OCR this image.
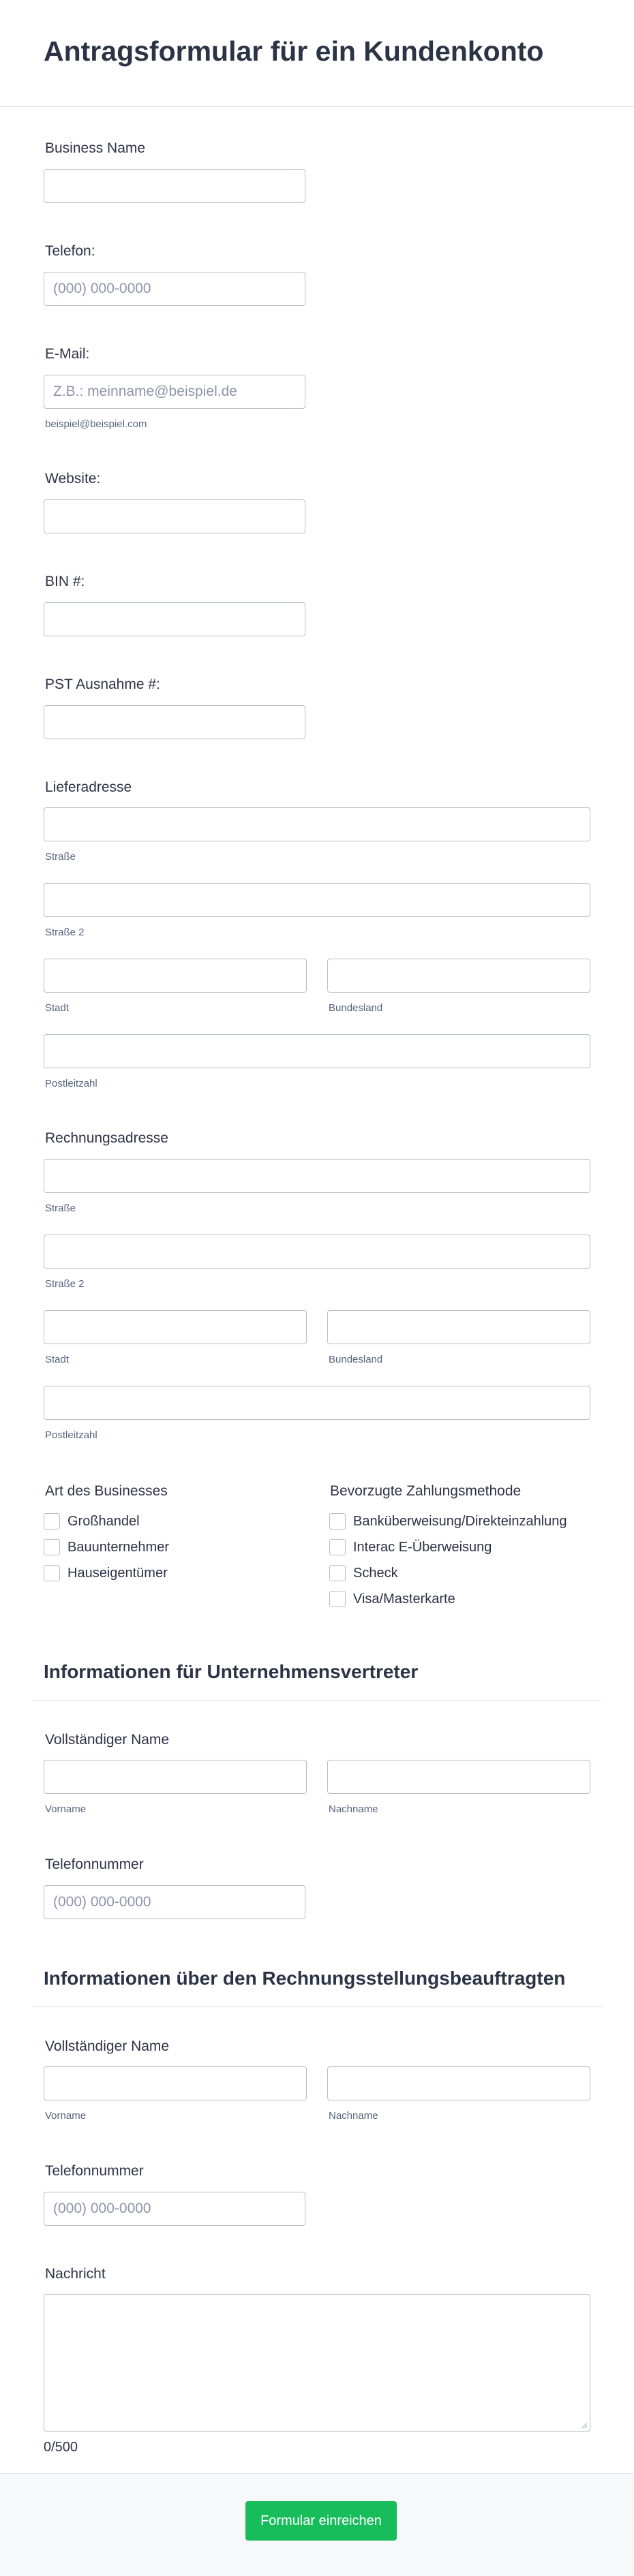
Antragsformular für ein Kundenkonto
Business Name
Telefon:
(000) 000-0000
E-Mail:
Z.B.: meinname@beispiel.de
beispiel@beispiel.com
Website:
BIN #:
PST Ausnahme #:
Lieferadresse
Straße
Straße 2
Stadt	Bundesland
Postleitzahl
Rechnungsadresse
Straße
Straße 2
Stadt	Bundesland
Postleitzahl
Art des Businesses
Großhandel
Bauunternehmer
Hauseigentümer
Bevorzugte Zahlungsmethode
Banküberweisung/Direkteinzahlung
Interac E-Überweisung
Scheck
Visa/Masterkarte
Informationen für Unternehmensvertreter
Vollständiger Name
Vorname	Nachname
Telefonnummer
(000) 000-0000
Informationen über den Rechnungsstellungsbeauftragten
Vollständiger Name
Vorname	Nachname
Telefonnummer
(000) 000-0000
Nachricht
0/500
Formular einreichen
